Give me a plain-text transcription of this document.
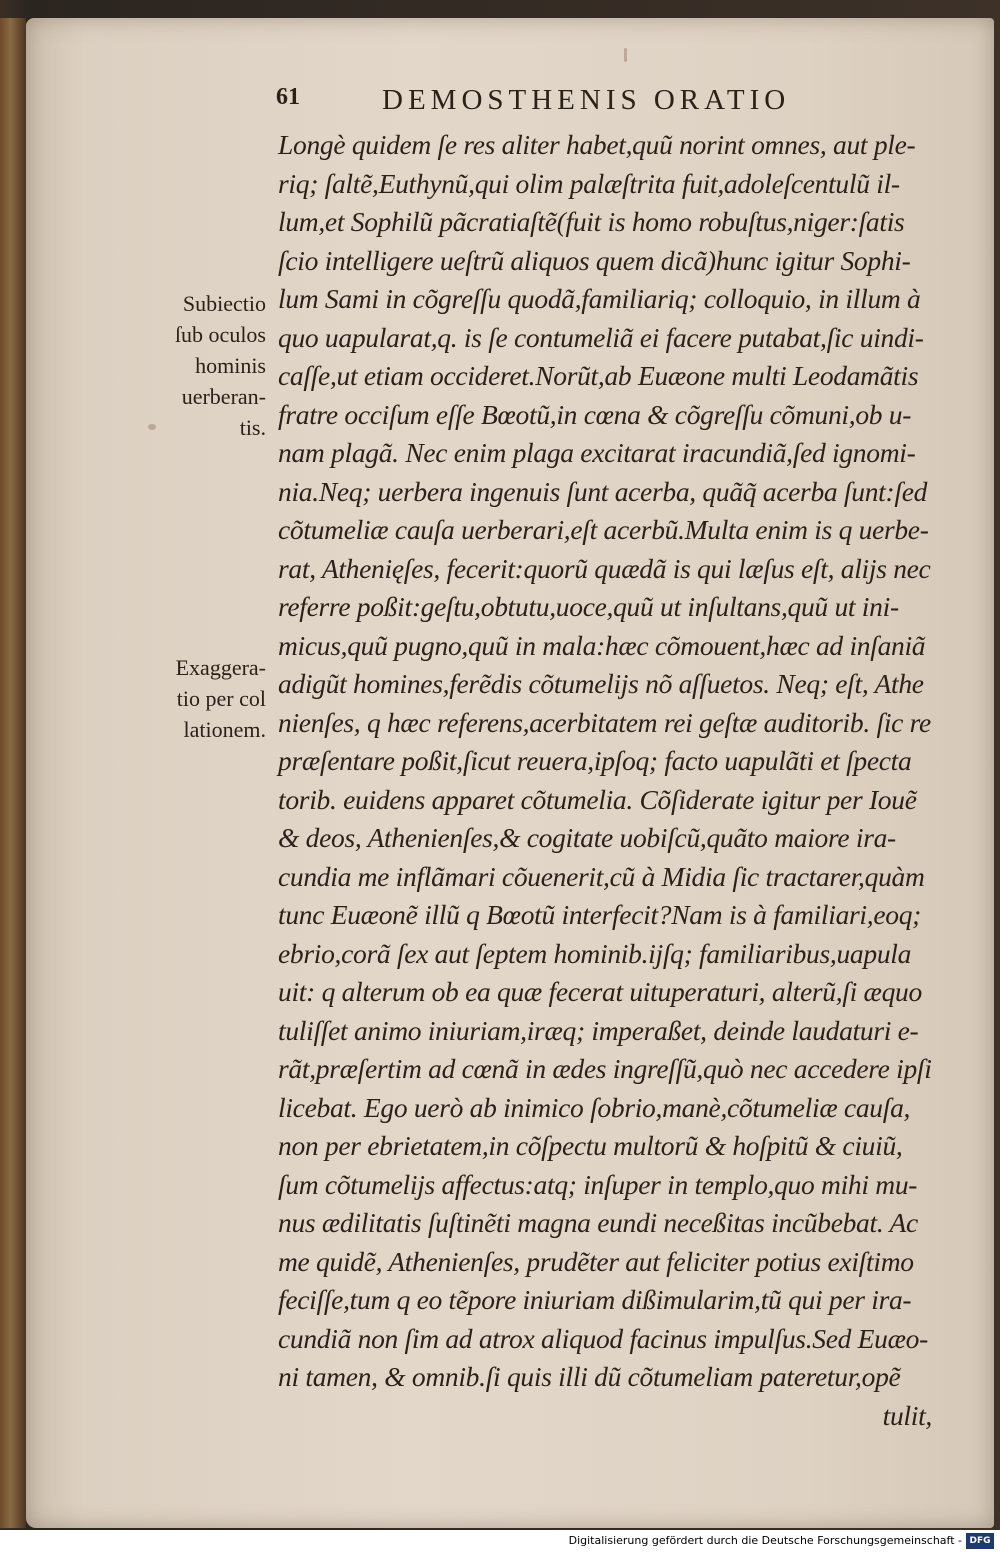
61	DEMOSTHENIS ORATIO
Subiectio
ſub oculos
hominis
uerberan-
tis.
Exaggera-
tio per col
lationem.
Longè quidem ſe res aliter habet,quũ norint omnes, aut ple-
riq; ſaltẽ,Euthynũ,qui olim palæſtrita fuit,adoleſcentulũ il-
lum,et Sophilũ pãcratiaſtẽ(fuit is homo robuſtus,niger:ſatis
ſcio intelligere ueſtrũ aliquos quem dicã)hunc igitur Sophi-
lum Sami in cõgreſſu quodã,familiariq; colloquio, in illum à
quo uapularat,q. is ſe contumeliã ei facere putabat,ſic uindi-
caſſe,ut etiam occideret.Norũt,ab Euæone multi Leodamãtis
fratre occiſum eſſe Bœotũ,in cœna & cõgreſſu cõmuni,ob u-
nam plagã. Nec enim plaga excitarat iracundiã,ſed ignomi-
nia.Neq; uerbera ingenuis ſunt acerba, quãq̃ acerba ſunt:ſed
cõtumeliæ cauſa uerberari,eſt acerbũ.Multa enim is q uerbe-
rat, Athenięſes, fecerit:quorũ quædã is qui læſus eſt, alijs nec
referre poßit:geſtu,obtutu,uoce,quũ ut inſultans,quũ ut ini-
micus,quũ pugno,quũ in mala:hæc cõmouent,hæc ad inſaniã
adigũt homines,ferẽdis cõtumelijs nõ aſſuetos. Neq; eſt, Athe
nienſes, q hæc referens,acerbitatem rei geſtæ auditorib. ſic re
præſentare poßit,ſicut reuera,ipſoq; facto uapulãti et ſpecta
torib. euidens apparet cõtumelia. Cõſiderate igitur per Iouẽ
& deos, Athenienſes,& cogitate uobiſcũ,quãto maiore ira-
cundia me inflãmari cõuenerit,cũ à Midia ſic tractarer,quàm
tunc Euæonẽ illũ q Bœotũ interfecit?Nam is à familiari,eoq;
ebrio,corã ſex aut ſeptem hominib.ijſq; familiaribus,uapula
uit: q alterum ob ea quæ fecerat uituperaturi, alterũ,ſi æquo
tuliſſet animo iniuriam,iræq; imperaßet, deinde laudaturi e-
rãt,præſertim ad cœnã in ædes ingreſſũ,quò nec accedere ipſi
licebat. Ego uerò ab inimico ſobrio,manè,cõtumeliæ cauſa,
non per ebrietatem,in cõſpectu multorũ & hoſpitũ & ciuiũ,
ſum cõtumelijs affectus:atq; inſuper in templo,quo mihi mu-
nus ædilitatis ſuſtinẽti magna eundi neceßitas incũbebat. Ac
me quidẽ, Athenienſes, prudẽter aut feliciter potius exiſtimo
feciſſe,tum q eo tẽpore iniuriam dißimularim,tũ qui per ira-
cundiã non ſim ad atrox aliquod facinus impulſus.Sed Euæo-
ni tamen, & omnib.ſi quis illi dũ cõtumeliam pateretur,opẽ
tulit,
Digitalisierung gefördert durch die Deutsche Forschungsgemeinschaft - DFG
